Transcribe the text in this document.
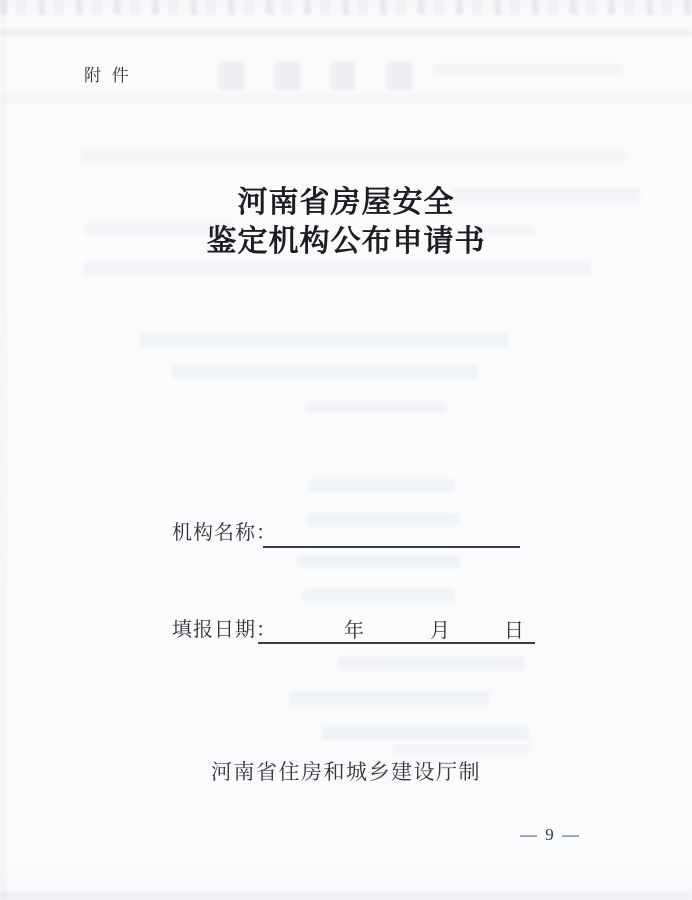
附 件
河南省房屋安全
鉴定机构公布申请书
机构名称：
填报日期：	年	月	日
河南省住房和城乡建设厅制
— 9 —
